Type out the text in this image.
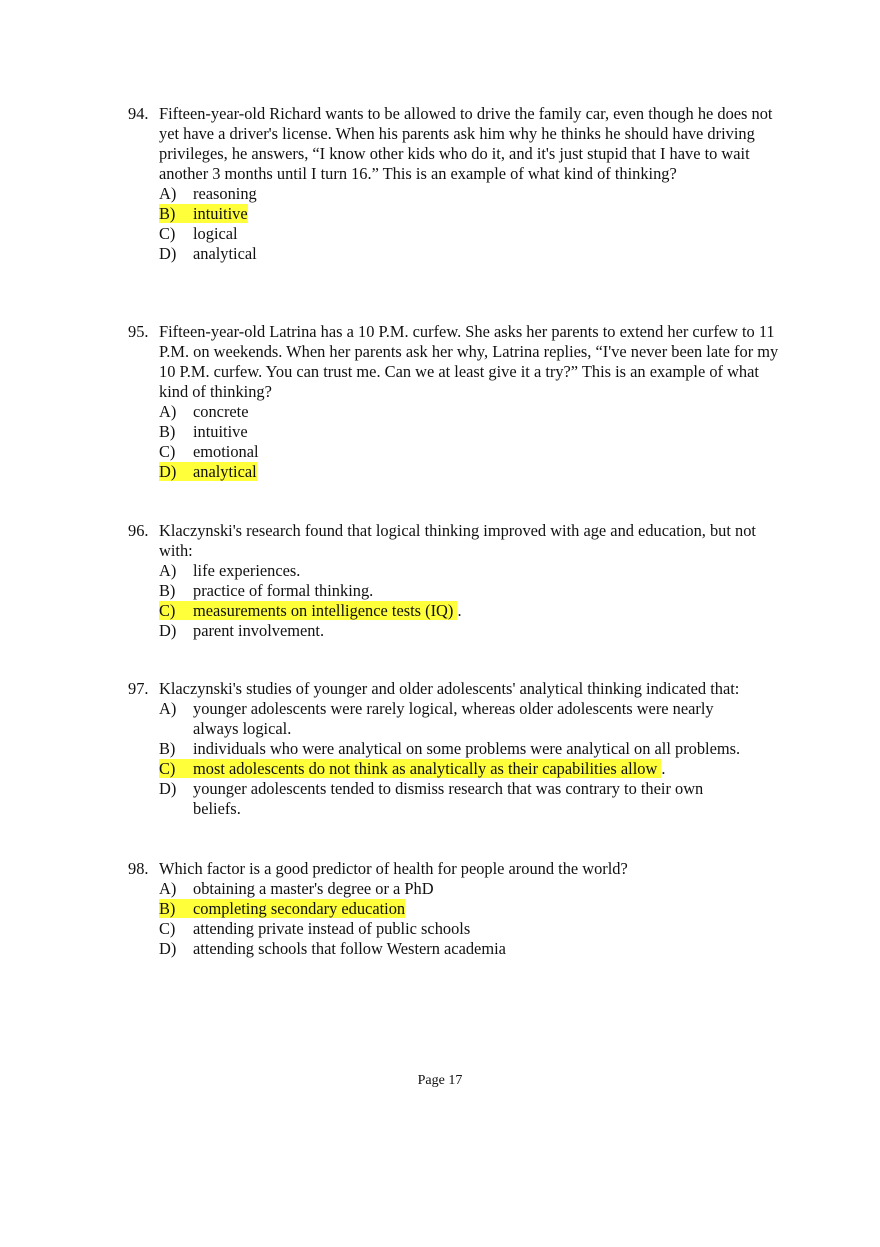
94. Fifteen-year-old Richard wants to be allowed to drive the family car, even though he does not yet have a driver's license. When his parents ask him why he thinks he should have driving privileges, he answers, “I know other kids who do it, and it's just stupid that I have to wait another 3 months until I turn 16.” This is an example of what kind of thinking?
A) reasoning
B) intuitive
C) logical
D) analytical
95. Fifteen-year-old Latrina has a 10 P.M. curfew. She asks her parents to extend her curfew to 11 P.M. on weekends. When her parents ask her why, Latrina replies, “I've never been late for my 10 P.M. curfew. You can trust me. Can we at least give it a try?” This is an example of what kind of thinking?
A) concrete
B) intuitive
C) emotional
D) analytical
96. Klaczynski's research found that logical thinking improved with age and education, but not with:
A) life experiences.
B) practice of formal thinking.
C) measurements on intelligence tests (IQ) .
D) parent involvement.
97. Klaczynski's studies of younger and older adolescents' analytical thinking indicated that:
A) younger adolescents were rarely logical, whereas older adolescents were nearly always logical.
B) individuals who were analytical on some problems were analytical on all problems.
C) most adolescents do not think as analytically as their capabilities allow .
D) younger adolescents tended to dismiss research that was contrary to their own beliefs.
98. Which factor is a good predictor of health for people around the world?
A) obtaining a master's degree or a PhD
B) completing secondary education
C) attending private instead of public schools
D) attending schools that follow Western academia
Page 17
